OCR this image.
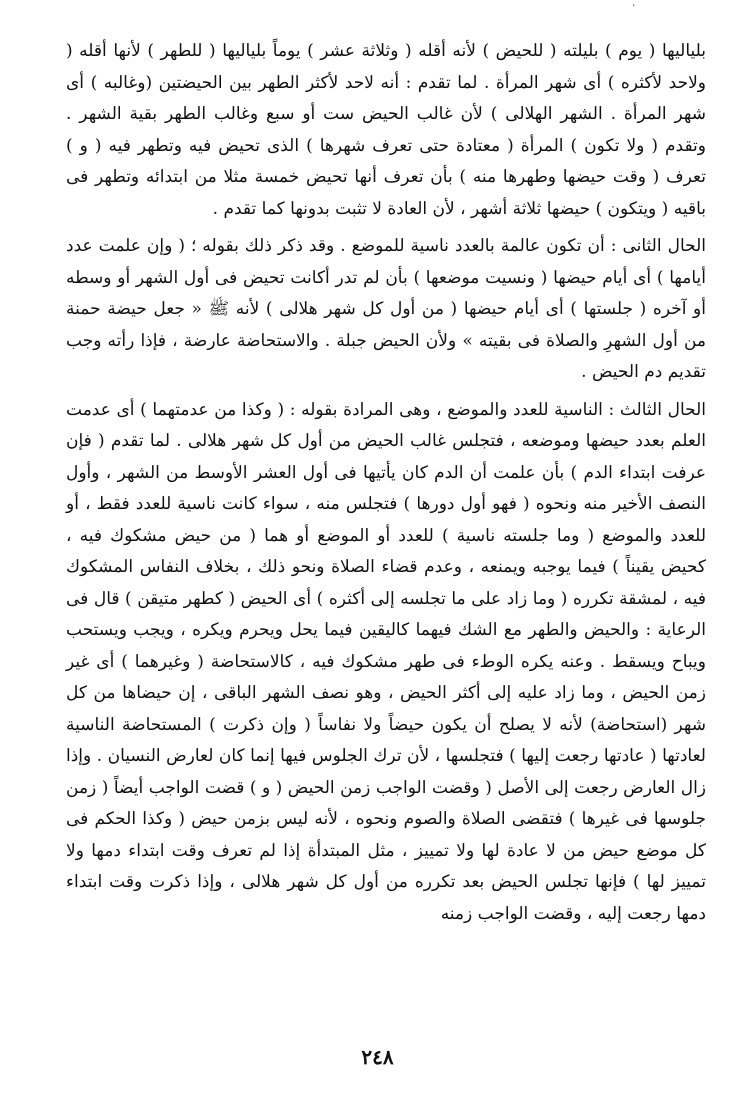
'

بلياليها ( يوم ) بليلته ( للحيض ) لأنه أقله ( وثلاثة عشر ) يوماً بلياليها ( للطهر ) لأنها أقله ( ولاحد لأكثره ) أى شهر المرأة . لما تقدم : أنه لاحد لأكثر الطهر بين الحيضتين (وغالبه ) أى شهر المرأة . الشهر الهلالى ) لأن غالب الحيض ست أو سبع وغالب الطهر بقية الشهر . وتقدم ( ولا تكون ) المرأة ( معتادة حتى تعرف شهرها ) الذى تحيض فيه وتطهر فيه ( و ) تعرف ( وقت حيضها وطهرها منه ) بأن تعرف أنها تحيض خمسة مثلا من ابتدائه وتطهر فى باقيه ( ويتكون ) حيضها ثلاثة أشهر ، لأن العادة لا تثبت بدونها كما تقدم .

الحال الثانى : أن تكون عالمة بالعدد ناسية للموضع . وقد ذكر ذلك بقوله ؛ ( وإن علمت عدد أيامها ) أى أيام حيضها ( ونسيت موضعها ) بأن لم تدر أكانت تحيض فى أول الشهر أو وسطه أو آخره ( جلستها ) أى أيام حيضها ( من أول كل شهر هلالى ) لأنه ﷺ « جعل حيضة حمنة من أول الشهرِ والصلاة فى بقيته » ولأن الحيض جبلة . والاستحاضة عارضة ، فإذا رأته وجب تقديم دم الحيض .

الحال الثالث : الناسية للعدد والموضع ، وهى المرادة بقوله : ( وكذا من عدمتهما ) أى عدمت العلم بعدد حيضها وموضعه ، فتجلس غالب الحيض من أول كل شهر هلالى . لما تقدم ( فإن عرفت ابتداء الدم ) بأن علمت أن الدم كان يأتيها فى أول العشر الأوسط من الشهر ، وأول النصف الأخير منه ونحوه ( فهو أول دورها ) فتجلس منه ، سواء كانت ناسية للعدد فقط ، أو للعدد والموضع ( وما جلسته ناسية ) للعدد أو الموضع أو هما ( من حيض مشكوك فيه ، كحيض يقيناً ) فيما يوجبه ويمنعه ، وعدم قضاء الصلاة ونحو ذلك ، بخلاف النفاس المشكوك فيه ، لمشقة تكرره ( وما زاد على ما تجلسه إلى أكثره ) أى الحيض ( كطهر متيقن ) قال فى الرعاية : والحيض والطهر مع الشك فيهما كاليقين فيما يحل ويحرم ويكره ، ويجب ويستحب ويباح ويسقط . وعنه يكره الوطء فى طهر مشكوك فيه ، كالاستحاضة ( وغيرهما ) أى غير زمن الحيض ، وما زاد عليه إلى أكثر الحيض ، وهو نصف الشهر الباقى ، إن حيضاها من كل شهر (استحاضة) لأنه لا يصلح أن يكون حيضاً ولا نفاساً ( وإن ذكرت ) المستحاضة الناسية لعادتها ( عادتها رجعت إليها ) فتجلسها ، لأن ترك الجلوس فيها إنما كان لعارض النسيان . وإذا زال العارض رجعت إلى الأصل ( وقضت الواجب زمن الحيض ( و ) قضت الواجب أيضاً ( زمن جلوسها فى غيرها ) فتقضى الصلاة والصوم ونحوه ، لأنه ليس بزمن حيض ( وكذا الحكم فى كل موضع حيض من لا عادة لها ولا تمييز ، مثل المبتدأة إذا لم تعرف وقت ابتداء دمها ولا تمييز لها ) فإنها تجلس الحيض بعد تكرره من أول كل شهر هلالى ، وإذا ذكرت وقت ابتداء دمها رجعت إليه ، وقضت الواجب زمنه

٢٤٨
